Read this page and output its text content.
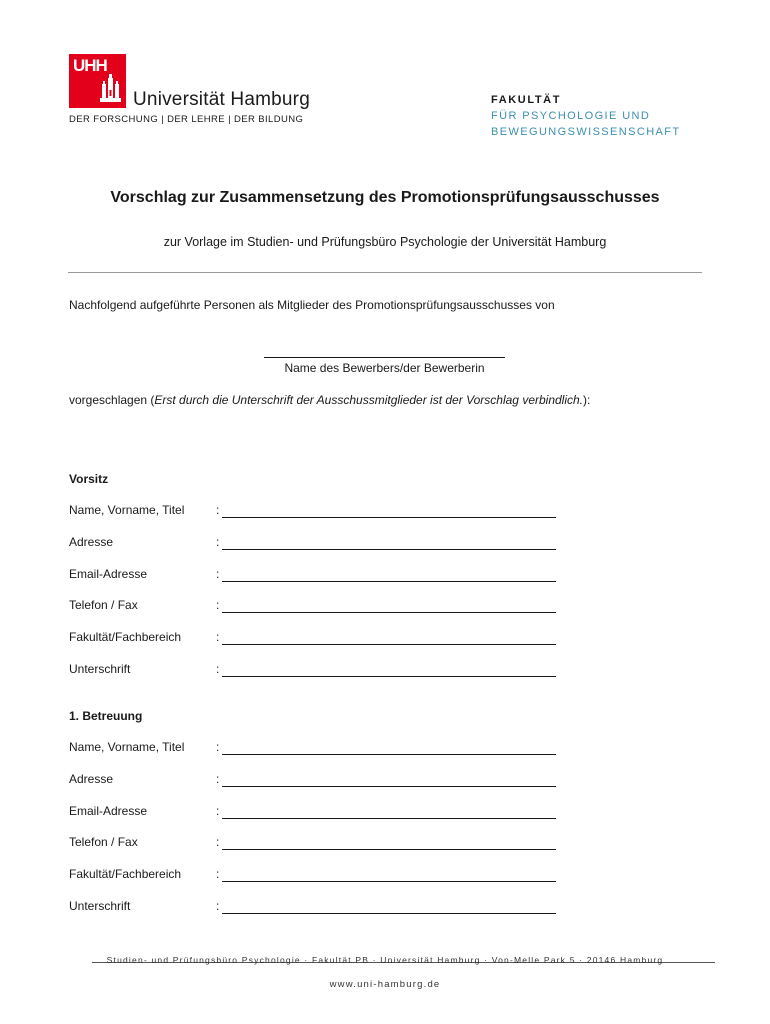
UHH
Universität Hamburg
DER FORSCHUNG | DER LEHRE | DER BILDUNG
FAKULTÄT
FÜR PSYCHOLOGIE UND
BEWEGUNGSWISSENSCHAFT
Vorschlag zur Zusammensetzung des Promotionsprüfungsausschusses
zur Vorlage im Studien- und Prüfungsbüro Psychologie der Universität Hamburg
Nachfolgend aufgeführte Personen als Mitglieder des Promotionsprüfungsausschusses von
Name des Bewerbers/der Bewerberin
vorgeschlagen (Erst durch die Unterschrift der Ausschussmitglieder ist der Vorschlag verbindlich.):
Vorsitz
Name, Vorname, Titel	:
Adresse	:
Email-Adresse	:
Telefon / Fax	:
Fakultät/Fachbereich	:
Unterschrift	:
1. Betreuung
Name, Vorname, Titel	:
Adresse	:
Email-Adresse	:
Telefon / Fax	:
Fakultät/Fachbereich	:
Unterschrift	:
Studien- und Prüfungsbüro Psychologie · Fakultät PB · Universität Hamburg · Von-Melle Park 5 · 20146 Hamburg
www.uni-hamburg.de
